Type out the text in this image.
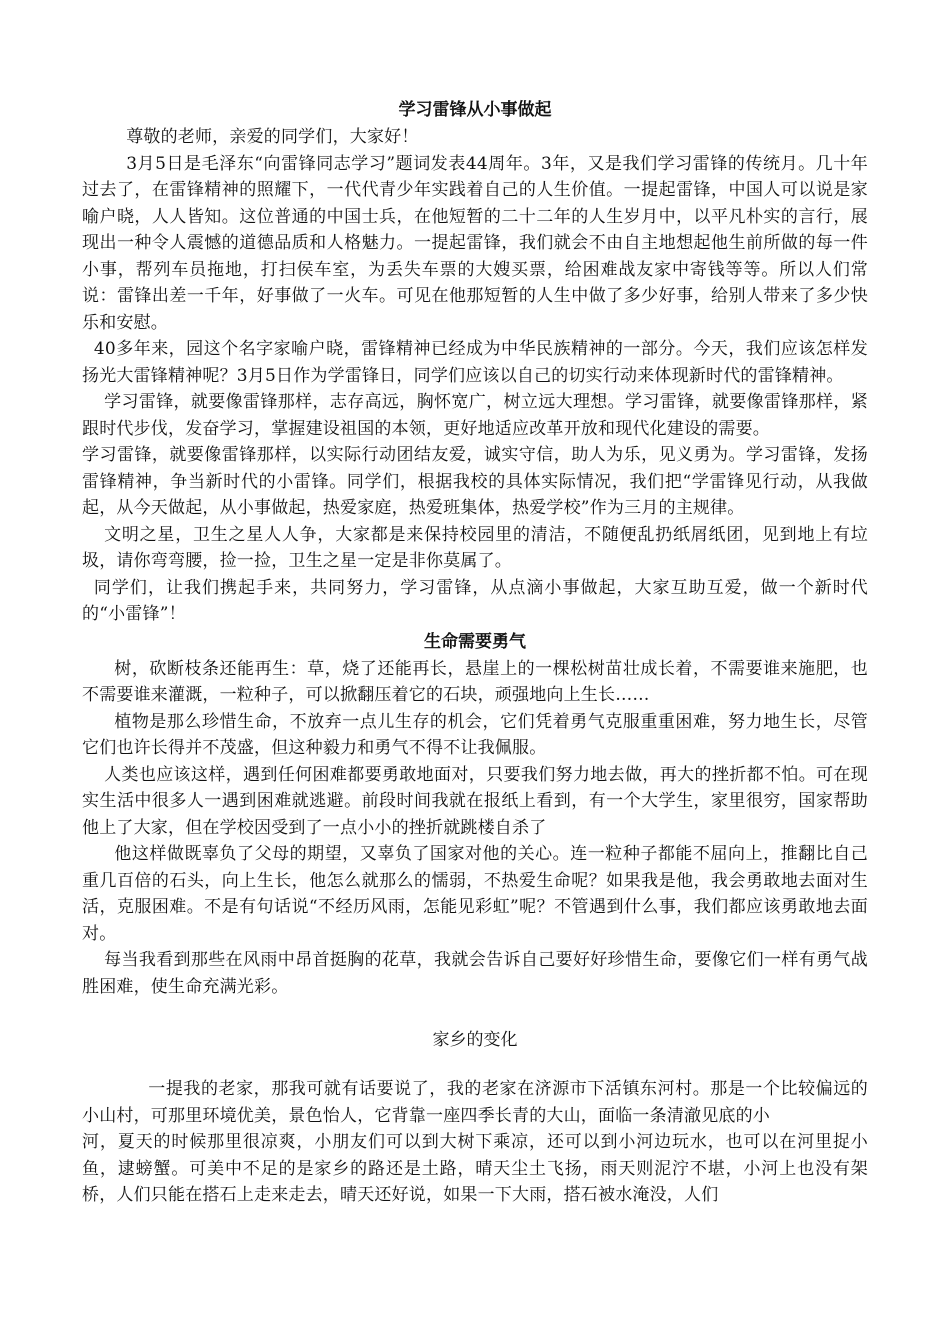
学习雷锋从小事做起

尊敬的老师，亲爱的同学们，大家好！

3月5日是毛泽东“向雷锋同志学习”题词发表44周年。3年，又是我们学习雷锋的传统月。几十年过去了，在雷锋精神的照耀下，一代代青少年实践着自己的人生价值。一提起雷锋，中国人可以说是家喻户晓，人人皆知。这位普通的中国士兵，在他短暂的二十二年的人生岁月中，以平凡朴实的言行，展现出一种令人震憾的道德品质和人格魅力。一提起雷锋，我们就会不由自主地想起他生前所做的每一件小事，帮列车员拖地，打扫侯车室，为丢失车票的大嫂买票，给困难战友家中寄钱等等。所以人们常说：雷锋出差一千年，好事做了一火车。可见在他那短暂的人生中做了多少好事，给别人带来了多少快乐和安慰。

40多年来，园这个名字家喻户晓，雷锋精神已经成为中华民族精神的一部分。今天，我们应该怎样发扬光大雷锋精神呢？3月5日作为学雷锋日，同学们应该以自己的切实行动来体现新时代的雷锋精神。

学习雷锋，就要像雷锋那样，志存高远，胸怀宽广，树立远大理想。学习雷锋，就要像雷锋那样，紧跟时代步伐，发奋学习，掌握建设祖国的本领，更好地适应改革开放和现代化建设的需要。

学习雷锋，就要像雷锋那样，以实际行动团结友爱，诚实守信，助人为乐，见义勇为。学习雷锋，发扬雷锋精神，争当新时代的小雷锋。同学们，根据我校的具体实际情况，我们把“学雷锋见行动，从我做起，从今天做起，从小事做起，热爱家庭，热爱班集体，热爱学校”作为三月的主规律。

文明之星，卫生之星人人争，大家都是来保持校园里的清洁，不随便乱扔纸屑纸团，见到地上有垃圾，请你弯弯腰，捡一捡，卫生之星一定是非你莫属了。

同学们，让我们携起手来，共同努力，学习雷锋，从点滴小事做起，大家互助互爱，做一个新时代的“小雷锋”！

生命需要勇气

树，砍断枝条还能再生：草，烧了还能再长，悬崖上的一棵松树苗壮成长着，不需要谁来施肥，也不需要谁来灌溉，一粒种子，可以掀翻压着它的石块，顽强地向上生长……

植物是那么珍惜生命，不放弃一点儿生存的机会，它们凭着勇气克服重重困难，努力地生长，尽管它们也许长得并不茂盛，但这种毅力和勇气不得不让我佩服。

人类也应该这样，遇到任何困难都要勇敢地面对，只要我们努力地去做，再大的挫折都不怕。可在现实生活中很多人一遇到困难就逃避。前段时间我就在报纸上看到，有一个大学生，家里很穷，国家帮助他上了大家，但在学校因受到了一点小小的挫折就跳楼自杀了

他这样做既辜负了父母的期望，又辜负了国家对他的关心。连一粒种子都能不屈向上，推翻比自己重几百倍的石头，向上生长，他怎么就那么的懦弱，不热爱生命呢？如果我是他，我会勇敢地去面对生活，克服困难。不是有句话说“不经历风雨，怎能见彩虹”呢？不管遇到什么事，我们都应该勇敢地去面对。

每当我看到那些在风雨中昂首挺胸的花草，我就会告诉自己要好好珍惜生命，要像它们一样有勇气战胜困难，使生命充满光彩。

家乡的变化

一提我的老家，那我可就有话要说了，我的老家在济源市下活镇东河村。那是一个比较偏远的小山村，可那里环境优美，景色怡人，它背靠一座四季长青的大山，面临一条清澈见底的小

河，夏天的时候那里很凉爽，小朋友们可以到大树下乘凉，还可以到小河边玩水，也可以在河里捉小鱼，逮螃蟹。可美中不足的是家乡的路还是土路，晴天尘土飞扬，雨天则泥泞不堪，小河上也没有架桥，人们只能在搭石上走来走去，晴天还好说，如果一下大雨，搭石被水淹没，人们
